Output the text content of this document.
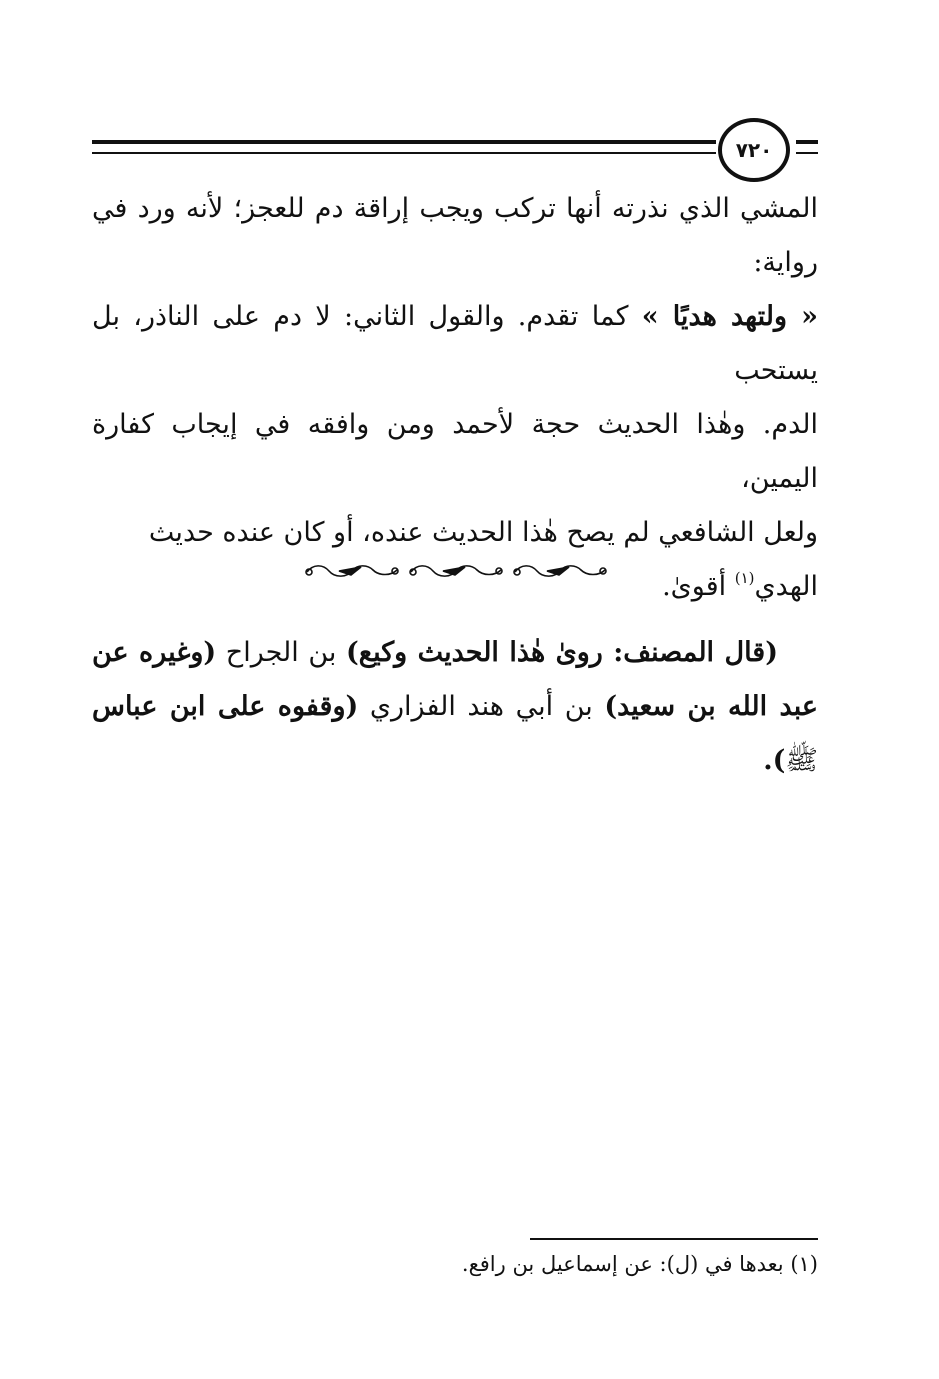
٧٢٠

المشي الذي نذرته أنها تركب ويجب إراقة دم للعجز؛ لأنه ورد في رواية:
« ولتهد هديًا » كما تقدم. والقول الثاني: لا دم على الناذر، بل يستحب
الدم. وهٰذا الحديث حجة لأحمد ومن وافقه في إيجاب كفارة اليمين،
ولعل الشافعي لم يصح هٰذا الحديث عنده، أو كان عنده حديث
الهدي$^{(١)}$ أقوىٰ.

(قال المصنف: روىٰ هٰذا الحديث وكيع) بن الجراح (وغيره عن عبد الله بن سعيد) بن أبي هند الفزاري (وقفوه على ابن عباس ﷺ).

(١) بعدها في (ل): عن إسماعيل بن رافع.
